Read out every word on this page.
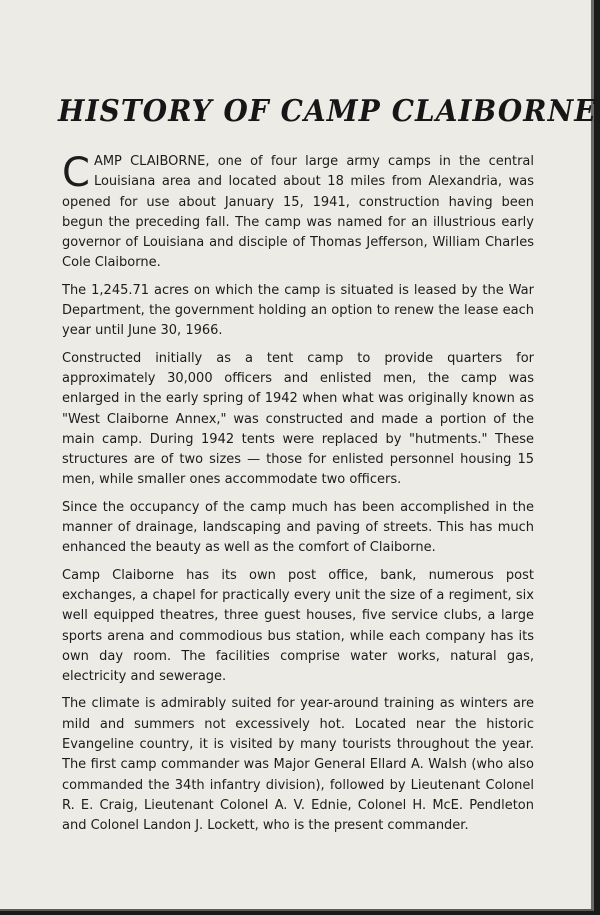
HISTORY OF CAMP CLAIBORNE

CAMP CLAIBORNE, one of four large army camps in the central Louisiana area and located about 18 miles from Alexandria, was opened for use about January 15, 1941, construction having been begun the preceding fall. The camp was named for an illustrious early governor of Louisiana and disciple of Thomas Jefferson, William Charles Cole Claiborne.

The 1,245.71 acres on which the camp is situated is leased by the War Department, the government holding an option to renew the lease each year until June 30, 1966.

Constructed initially as a tent camp to provide quarters for approximately 30,000 officers and enlisted men, the camp was enlarged in the early spring of 1942 when what was originally known as "West Claiborne Annex," was constructed and made a portion of the main camp. During 1942 tents were replaced by "hutments." These structures are of two sizes — those for enlisted personnel housing 15 men, while smaller ones accommodate two officers.

Since the occupancy of the camp much has been accomplished in the manner of drainage, landscaping and paving of streets. This has much enhanced the beauty as well as the comfort of Claiborne.

Camp Claiborne has its own post office, bank, numerous post exchanges, a chapel for practically every unit the size of a regiment, six well equipped theatres, three guest houses, five service clubs, a large sports arena and commodious bus station, while each company has its own day room. The facilities comprise water works, natural gas, electricity and sewerage.

The climate is admirably suited for year-around training as winters are mild and summers not excessively hot. Located near the historic Evangeline country, it is visited by many tourists throughout the year. The first camp commander was Major General Ellard A. Walsh (who also commanded the 34th infantry division), followed by Lieutenant Colonel R. E. Craig, Lieutenant Colonel A. V. Ednie, Colonel H. McE. Pendleton and Colonel Landon J. Lockett, who is the present commander.
